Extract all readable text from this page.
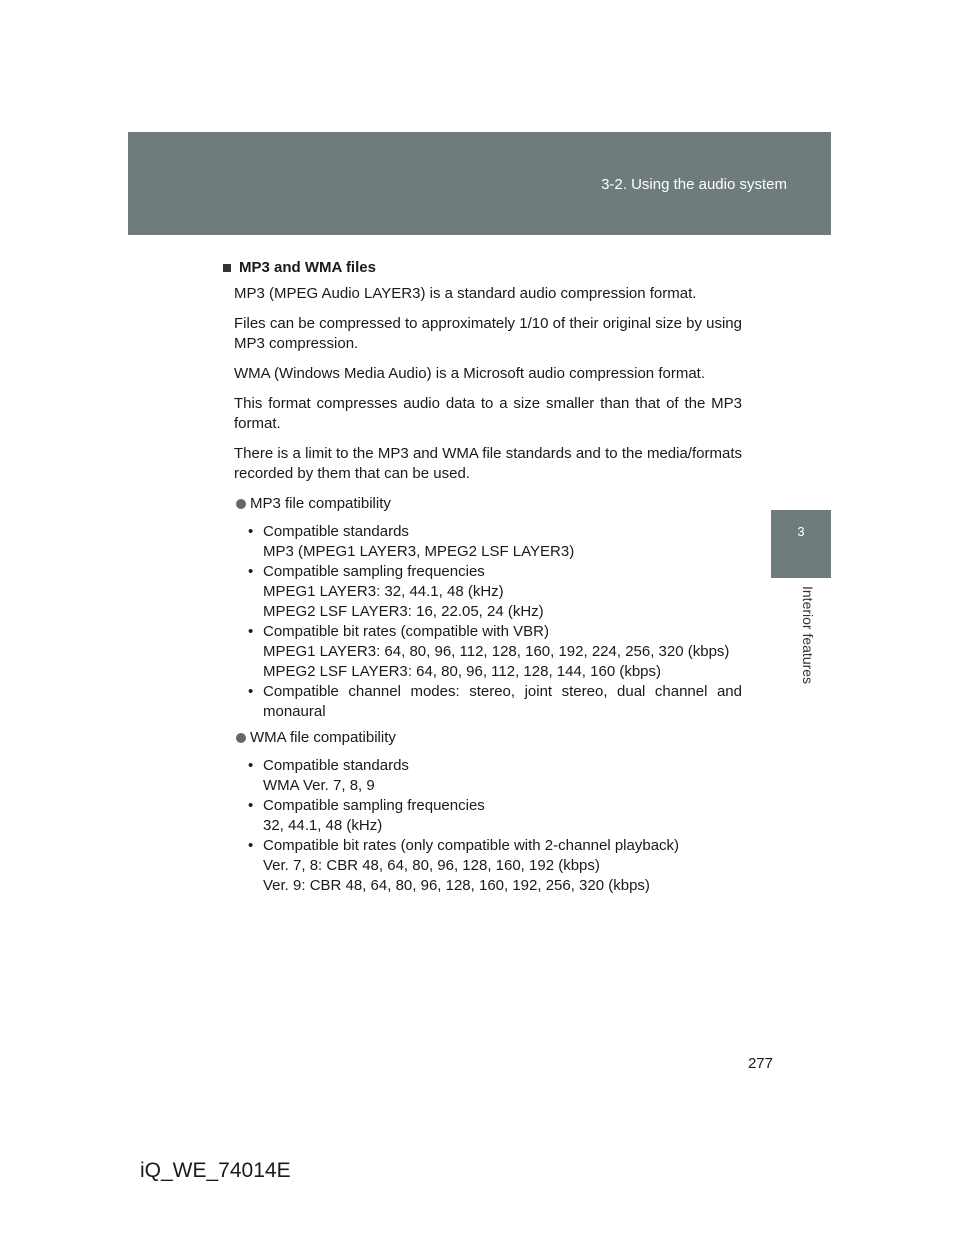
3-2. Using the audio system
3
Interior features
MP3 and WMA files

MP3 (MPEG Audio LAYER3) is a standard audio compression format.

Files can be compressed to approximately 1/10 of their original size by using MP3 compression.

WMA (Windows Media Audio) is a Microsoft audio compression format.

This format compresses audio data to a size smaller than that of the MP3 format.

There is a limit to the MP3 and WMA file standards and to the media/formats recorded by them that can be used.

MP3 file compatibility
• Compatible standards
MP3 (MPEG1 LAYER3, MPEG2 LSF LAYER3)
• Compatible sampling frequencies
MPEG1 LAYER3: 32, 44.1, 48 (kHz)
MPEG2 LSF LAYER3: 16, 22.05, 24 (kHz)
• Compatible bit rates (compatible with VBR)
MPEG1 LAYER3: 64, 80, 96, 112, 128, 160, 192, 224, 256, 320 (kbps)
MPEG2 LSF LAYER3: 64, 80, 96, 112, 128, 144, 160 (kbps)
• Compatible channel modes: stereo, joint stereo, dual channel and monaural
WMA file compatibility
• Compatible standards
WMA Ver. 7, 8, 9
• Compatible sampling frequencies
32, 44.1, 48 (kHz)
• Compatible bit rates (only compatible with 2-channel playback)
Ver. 7, 8: CBR 48, 64, 80, 96, 128, 160, 192 (kbps)
Ver. 9: CBR 48, 64, 80, 96, 128, 160, 192, 256, 320 (kbps)
277
iQ_WE_74014E
